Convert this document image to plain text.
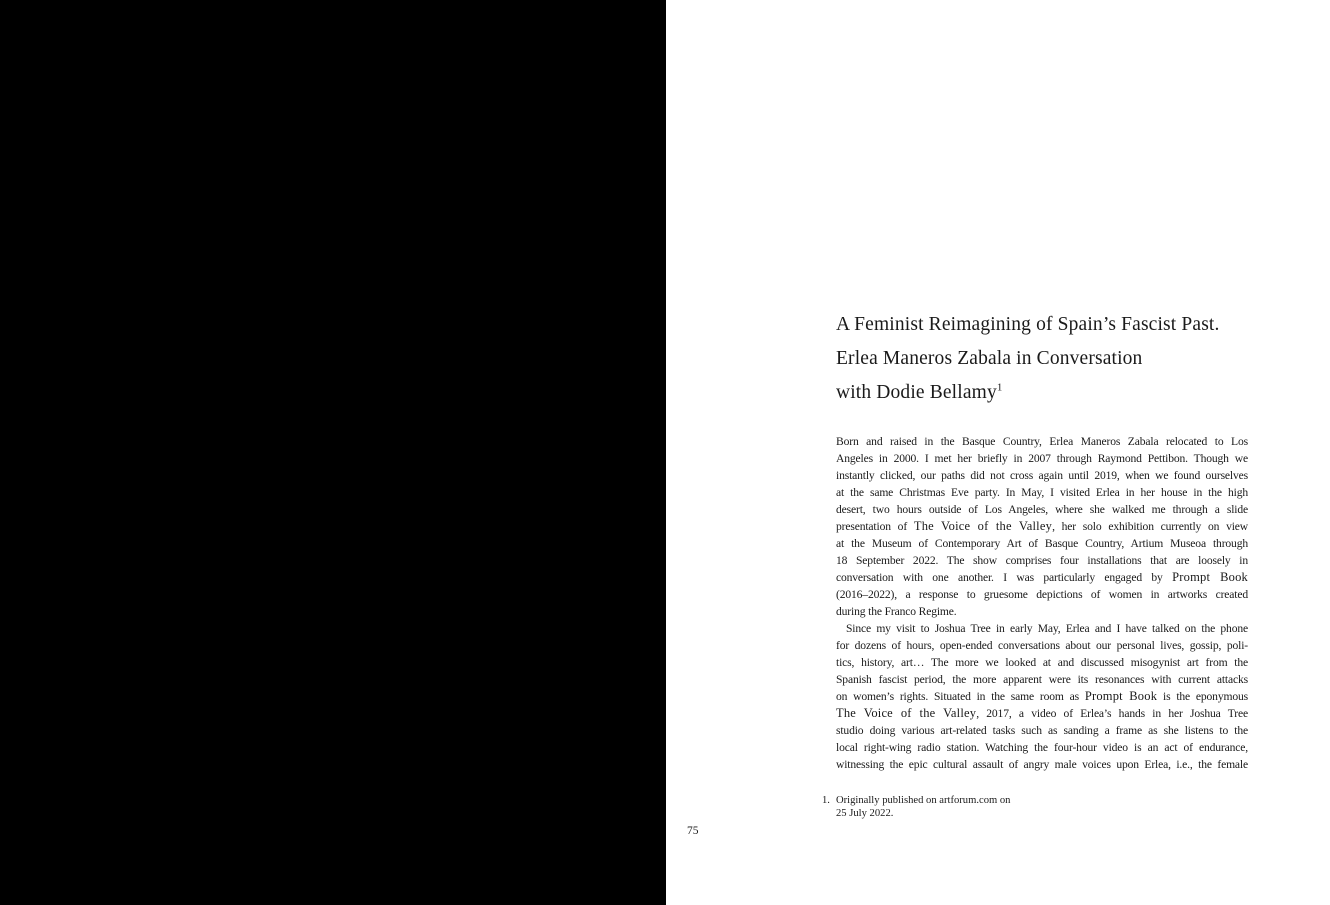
A Feminist Reimagining of Spain’s Fascist Past.
Erlea Maneros Zabala in Conversation
with Dodie Bellamy$^1$
Born and raised in the Basque Country, Erlea Maneros Zabala relocated to Los
Angeles in 2000. I met her briefly in 2007 through Raymond Pettibon. Though we
instantly clicked, our paths did not cross again until 2019, when we found ourselves
at the same Christmas Eve party. In May, I visited Erlea in her house in the high
desert, two hours outside of Los Angeles, where she walked me through a slide
presentation of The Voice of the Valley, her solo exhibition currently on view
at the Museum of Contemporary Art of Basque Country, Artium Museoa through
18 September 2022. The show comprises four installations that are loosely in
conversation with one another. I was particularly engaged by Prompt Book
(2016–2022), a response to gruesome depictions of women in artworks created
during the Franco Regime.
Since my visit to Joshua Tree in early May, Erlea and I have talked on the phone
for dozens of hours, open-ended conversations about our personal lives, gossip, poli-
tics, history, art… The more we looked at and discussed misogynist art from the
Spanish fascist period, the more apparent were its resonances with current attacks
on women’s rights. Situated in the same room as Prompt Book is the eponymous
The Voice of the Valley, 2017, a video of Erlea’s hands in her Joshua Tree
studio doing various art-related tasks such as sanding a frame as she listens to the
local right-wing radio station. Watching the four-hour video is an act of endurance,
witnessing the epic cultural assault of angry male voices upon Erlea, i.e., the female
1. Originally published on artforum.com on
25 July 2022.
75
